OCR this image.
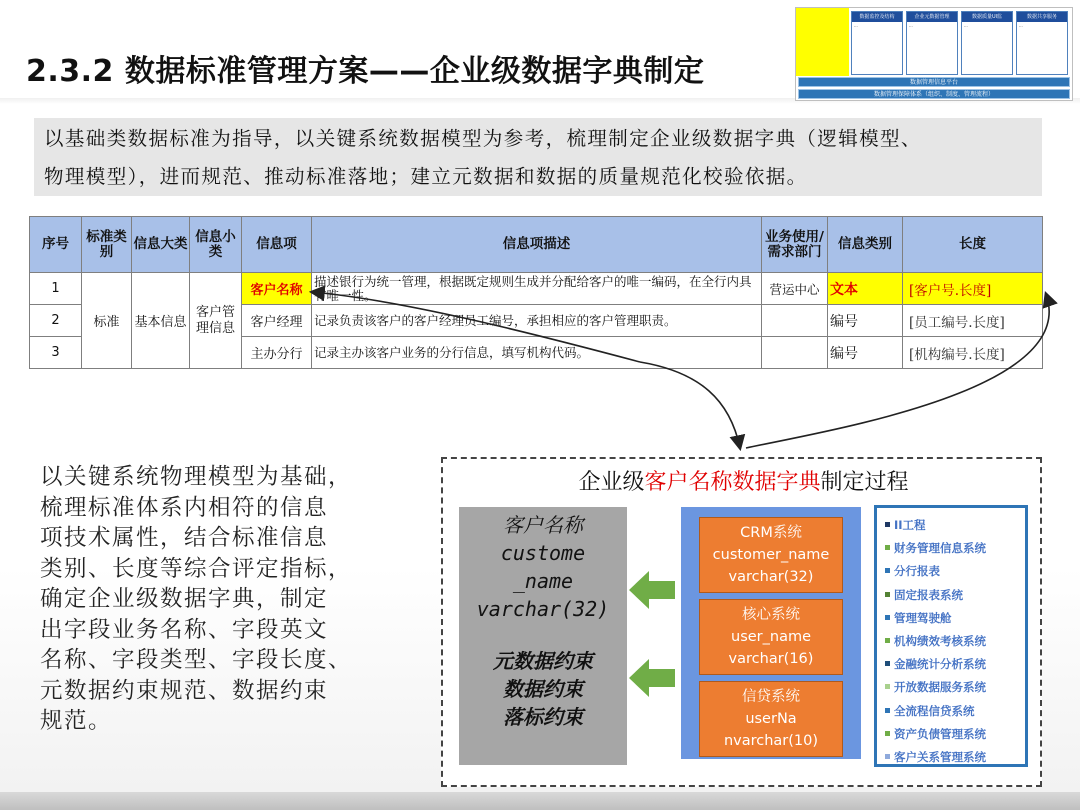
2.3.2 数据标准管理方案——企业级数据字典制定
数据监控及结构
···
企业元数据管理
···
数据质量Ul监
···
数据共享服务
···
数据管理信息平台
数据管理保障体系（组织、制度、管理流程）
以基础类数据标准为指导，以关键系统数据模型为参考，梳理制定企业级数据字典（逻辑模型、
物理模型），进而规范、推动标准落地；建立元数据和数据的质量规范化校验依据。
序号	标准类别	信息大类	信息小类	信息项	信息项描述	业务使用/需求部门	信息类别	长度
1	标准	基本信息	客户管理信息	客户名称	描述银行为统一管理，根据既定规则生成并分配给客户的唯一编码，在全行内具有唯一性。	营运中心	文本	[客户号.长度]
2				客户经理	记录负责该客户的客户经理员工编号，承担相应的客户管理职责。		编号	[员工编号.长度]
3				主办分行	记录主办该客户业务的分行信息，填写机构代码。		编号	[机构编号.长度]
以关键系统物理模型为基础，
梳理标准体系内相符的信息
项技术属性，结合标准信息
类别、长度等综合评定指标，
确定企业级数据字典，制定
出字段业务名称、字段英文
名称、字段类型、字段长度、
元数据约束规范、数据约束
规范。
企业级客户名称数据字典制定过程
客户名称
custome
_name
varchar(32)
元数据约束
数据约束
落标约束
CRM系统
customer_name
varchar(32)
核心系统
user_name
varchar(16)
信贷系统
userNa
nvarchar(10)
II工程
财务管理信息系统
分行报表
固定报表系统
管理驾驶舱
机构绩效考核系统
金融统计分析系统
开放数据服务系统
全流程信贷系统
资产负债管理系统
客户关系管理系统
